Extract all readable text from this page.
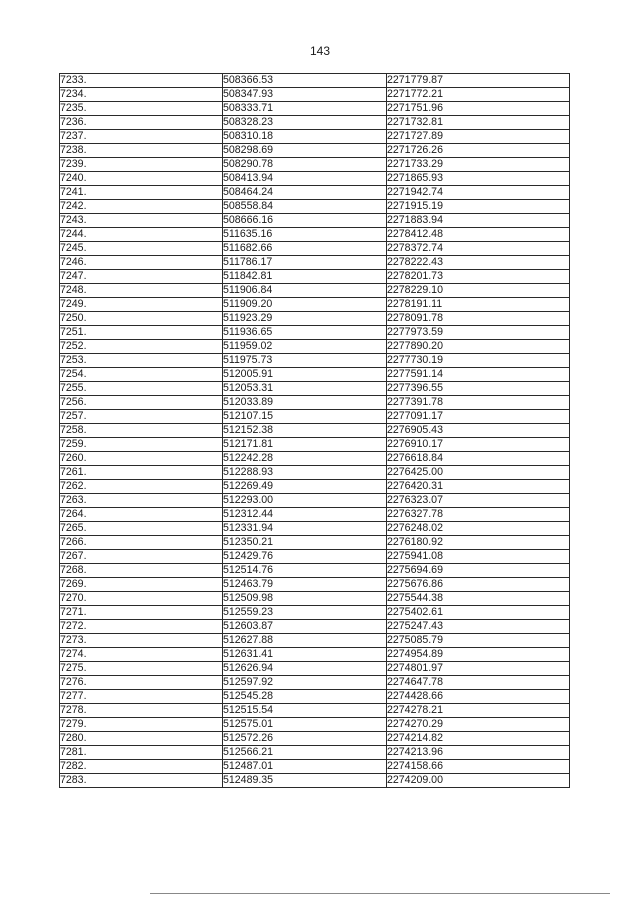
143
7233.	508366.53	2271779.87
7234.	508347.93	2271772.21
7235.	508333.71	2271751.96
7236.	508328.23	2271732.81
7237.	508310.18	2271727.89
7238.	508298.69	2271726.26
7239.	508290.78	2271733.29
7240.	508413.94	2271865.93
7241.	508464.24	2271942.74
7242.	508558.84	2271915.19
7243.	508666.16	2271883.94
7244.	511635.16	2278412.48
7245.	511682.66	2278372.74
7246.	511786.17	2278222.43
7247.	511842.81	2278201.73
7248.	511906.84	2278229.10
7249.	511909.20	2278191.11
7250.	511923.29	2278091.78
7251.	511936.65	2277973.59
7252.	511959.02	2277890.20
7253.	511975.73	2277730.19
7254.	512005.91	2277591.14
7255.	512053.31	2277396.55
7256.	512033.89	2277391.78
7257.	512107.15	2277091.17
7258.	512152.38	2276905.43
7259.	512171.81	2276910.17
7260.	512242.28	2276618.84
7261.	512288.93	2276425.00
7262.	512269.49	2276420.31
7263.	512293.00	2276323.07
7264.	512312.44	2276327.78
7265.	512331.94	2276248.02
7266.	512350.21	2276180.92
7267.	512429.76	2275941.08
7268.	512514.76	2275694.69
7269.	512463.79	2275676.86
7270.	512509.98	2275544.38
7271.	512559.23	2275402.61
7272.	512603.87	2275247.43
7273.	512627.88	2275085.79
7274.	512631.41	2274954.89
7275.	512626.94	2274801.97
7276.	512597.92	2274647.78
7277.	512545.28	2274428.66
7278.	512515.54	2274278.21
7279.	512575.01	2274270.29
7280.	512572.26	2274214.82
7281.	512566.21	2274213.96
7282.	512487.01	2274158.66
7283.	512489.35	2274209.00
